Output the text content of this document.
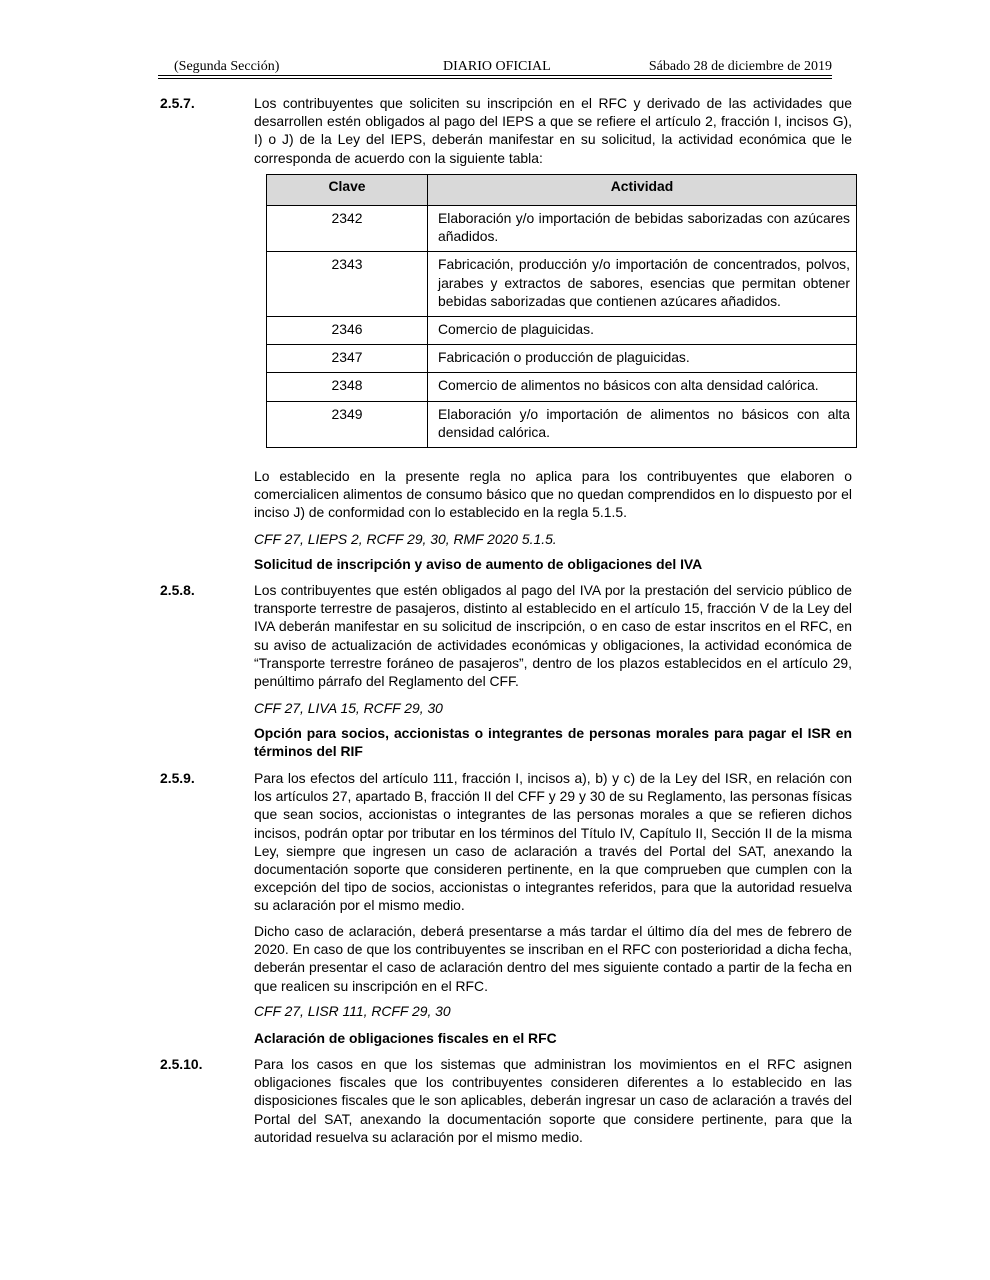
(Segunda Sección)	DIARIO OFICIAL	Sábado 28 de diciembre de 2019
2.5.7.	Los contribuyentes que soliciten su inscripción en el RFC y derivado de las actividades que desarrollen estén obligados al pago del IEPS a que se refiere el artículo 2, fracción I, incisos G), I) o J) de la Ley del IEPS, deberán manifestar en su solicitud, la actividad económica que le corresponda de acuerdo con la siguiente tabla:
Clave	Actividad
2342	Elaboración y/o importación de bebidas saborizadas con azúcares añadidos.
2343	Fabricación, producción y/o importación de concentrados, polvos, jarabes y extractos de sabores, esencias que permitan obtener bebidas saborizadas que contienen azúcares añadidos.
2346	Comercio de plaguicidas.
2347	Fabricación o producción de plaguicidas.
2348	Comercio de alimentos no básicos con alta densidad calórica.
2349	Elaboración y/o importación de alimentos no básicos con alta densidad calórica.
Lo establecido en la presente regla no aplica para los contribuyentes que elaboren o comercialicen alimentos de consumo básico que no quedan comprendidos en lo dispuesto por el inciso J) de conformidad con lo establecido en la regla 5.1.5.
CFF 27, LIEPS 2, RCFF 29, 30, RMF 2020 5.1.5.
Solicitud de inscripción y aviso de aumento de obligaciones del IVA
2.5.8.	Los contribuyentes que estén obligados al pago del IVA por la prestación del servicio público de transporte terrestre de pasajeros, distinto al establecido en el artículo 15, fracción V de la Ley del IVA deberán manifestar en su solicitud de inscripción, o en caso de estar inscritos en el RFC, en su aviso de actualización de actividades económicas y obligaciones, la actividad económica de “Transporte terrestre foráneo de pasajeros”, dentro de los plazos establecidos en el artículo 29, penúltimo párrafo del Reglamento del CFF.
CFF 27, LIVA 15, RCFF 29, 30
Opción para socios, accionistas o integrantes de personas morales para pagar el ISR en términos del RIF
2.5.9.	Para los efectos del artículo 111, fracción I, incisos a), b) y c) de la Ley del ISR, en relación con los artículos 27, apartado B, fracción II del CFF y 29 y 30 de su Reglamento, las personas físicas que sean socios, accionistas o integrantes de las personas morales a que se refieren dichos incisos, podrán optar por tributar en los términos del Título IV, Capítulo II, Sección II de la misma Ley, siempre que ingresen un caso de aclaración a través del Portal del SAT, anexando la documentación soporte que consideren pertinente, en la que comprueben que cumplen con la excepción del tipo de socios, accionistas o integrantes referidos, para que la autoridad resuelva su aclaración por el mismo medio.
Dicho caso de aclaración, deberá presentarse a más tardar el último día del mes de febrero de 2020. En caso de que los contribuyentes se inscriban en el RFC con posterioridad a dicha fecha, deberán presentar el caso de aclaración dentro del mes siguiente contado a partir de la fecha en que realicen su inscripción en el RFC.
CFF 27, LISR 111, RCFF 29, 30
Aclaración de obligaciones fiscales en el RFC
2.5.10.	Para los casos en que los sistemas que administran los movimientos en el RFC asignen obligaciones fiscales que los contribuyentes consideren diferentes a lo establecido en las disposiciones fiscales que le son aplicables, deberán ingresar un caso de aclaración a través del Portal del SAT, anexando la documentación soporte que considere pertinente, para que la autoridad resuelva su aclaración por el mismo medio.
